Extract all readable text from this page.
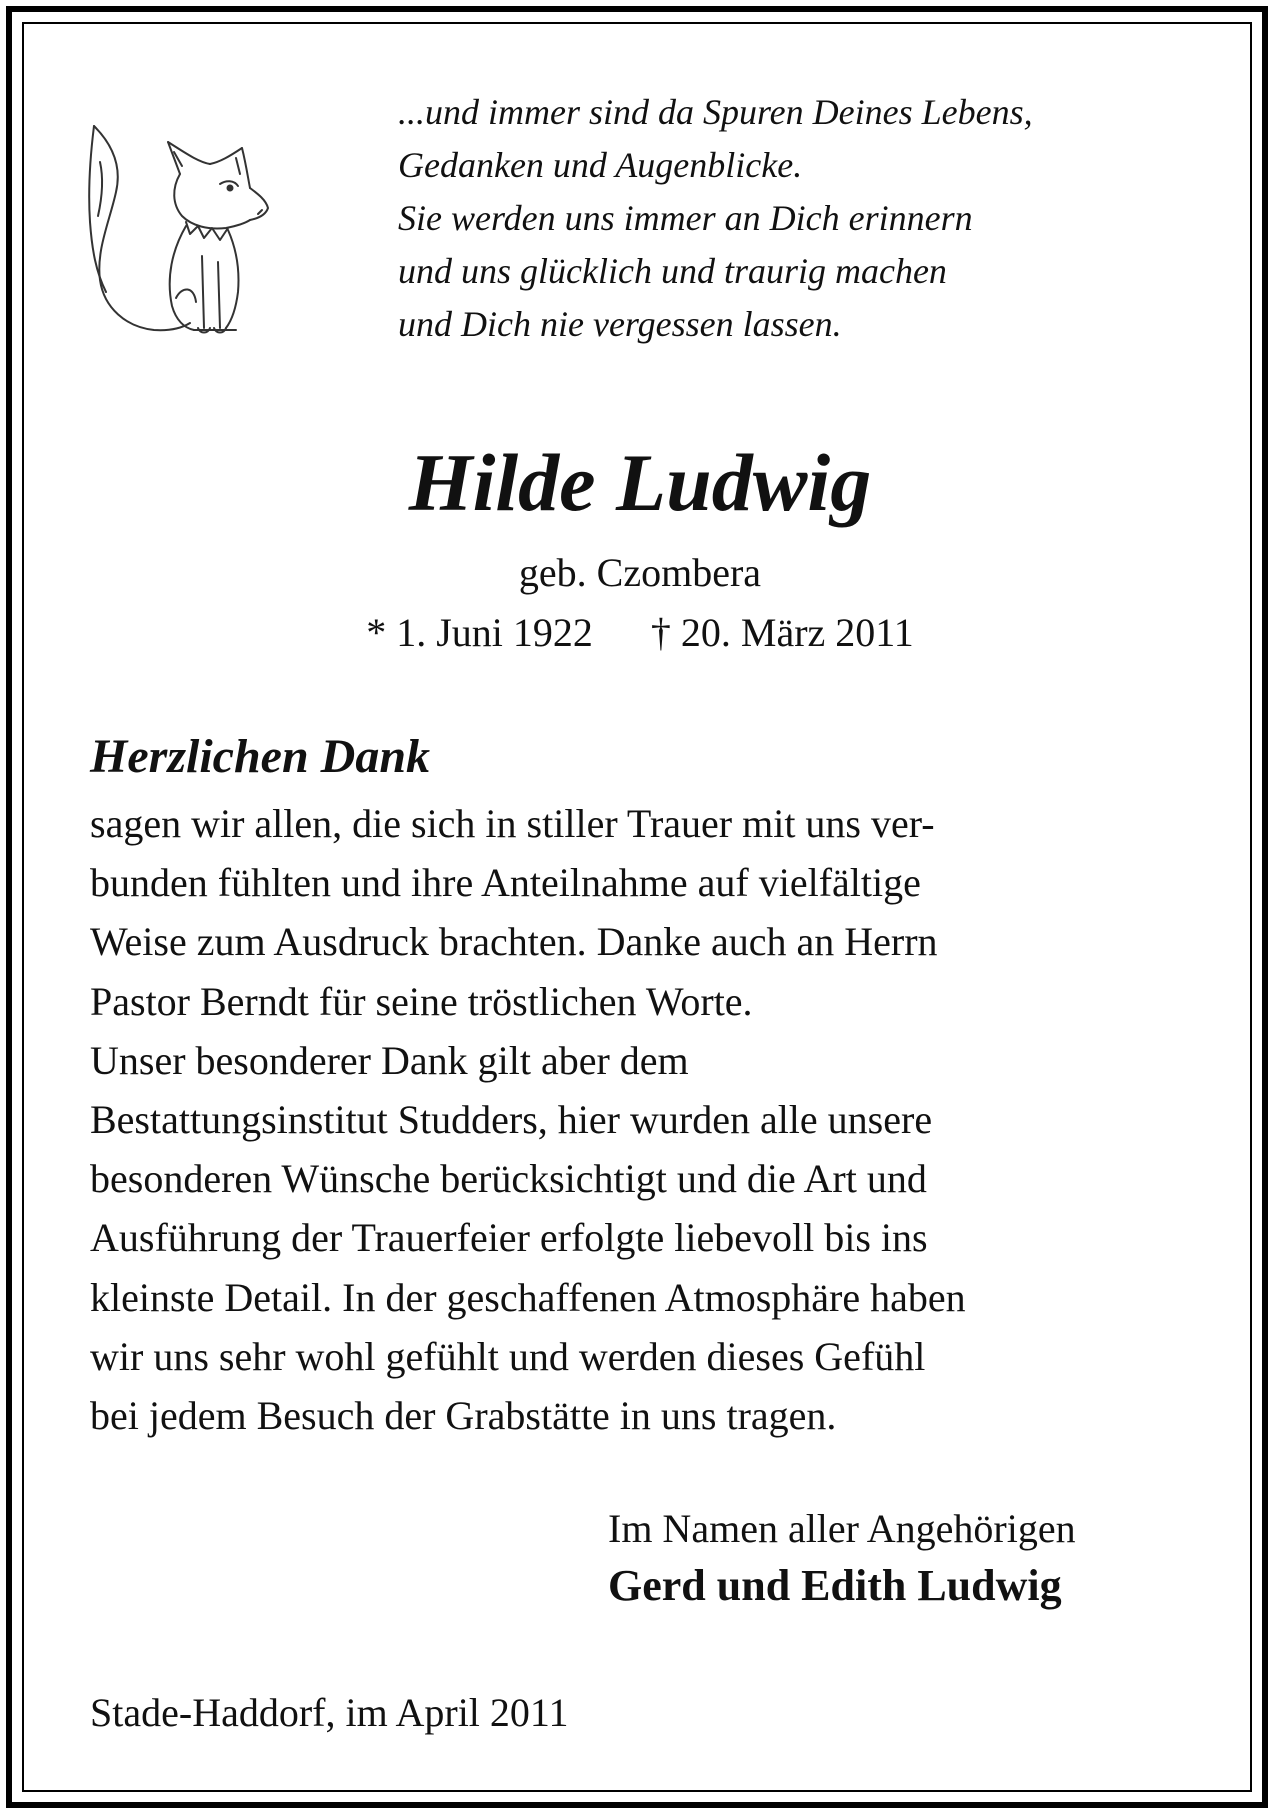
...und immer sind da Spuren Deines Lebens,
Gedanken und Augenblicke.
Sie werden uns immer an Dich erinnern
und uns glücklich und traurig machen
und Dich nie vergessen lassen.
Hilde Ludwig
geb. Czombera
* 1. Juni 1922 † 20. März 2011
Herzlichen Dank
sagen wir allen, die sich in stiller Trauer mit uns ver-
bunden fühlten und ihre Anteilnahme auf vielfältige
Weise zum Ausdruck brachten. Danke auch an Herrn
Pastor Berndt für seine tröstlichen Worte.
Unser besonderer Dank gilt aber dem
Bestattungsinstitut Studders, hier wurden alle unsere
besonderen Wünsche berücksichtigt und die Art und
Ausführung der Trauerfeier erfolgte liebevoll bis ins
kleinste Detail. In der geschaffenen Atmosphäre haben
wir uns sehr wohl gefühlt und werden dieses Gefühl
bei jedem Besuch der Grabstätte in uns tragen.
Im Namen aller Angehörigen
Gerd und Edith Ludwig
Stade-Haddorf, im April 2011
